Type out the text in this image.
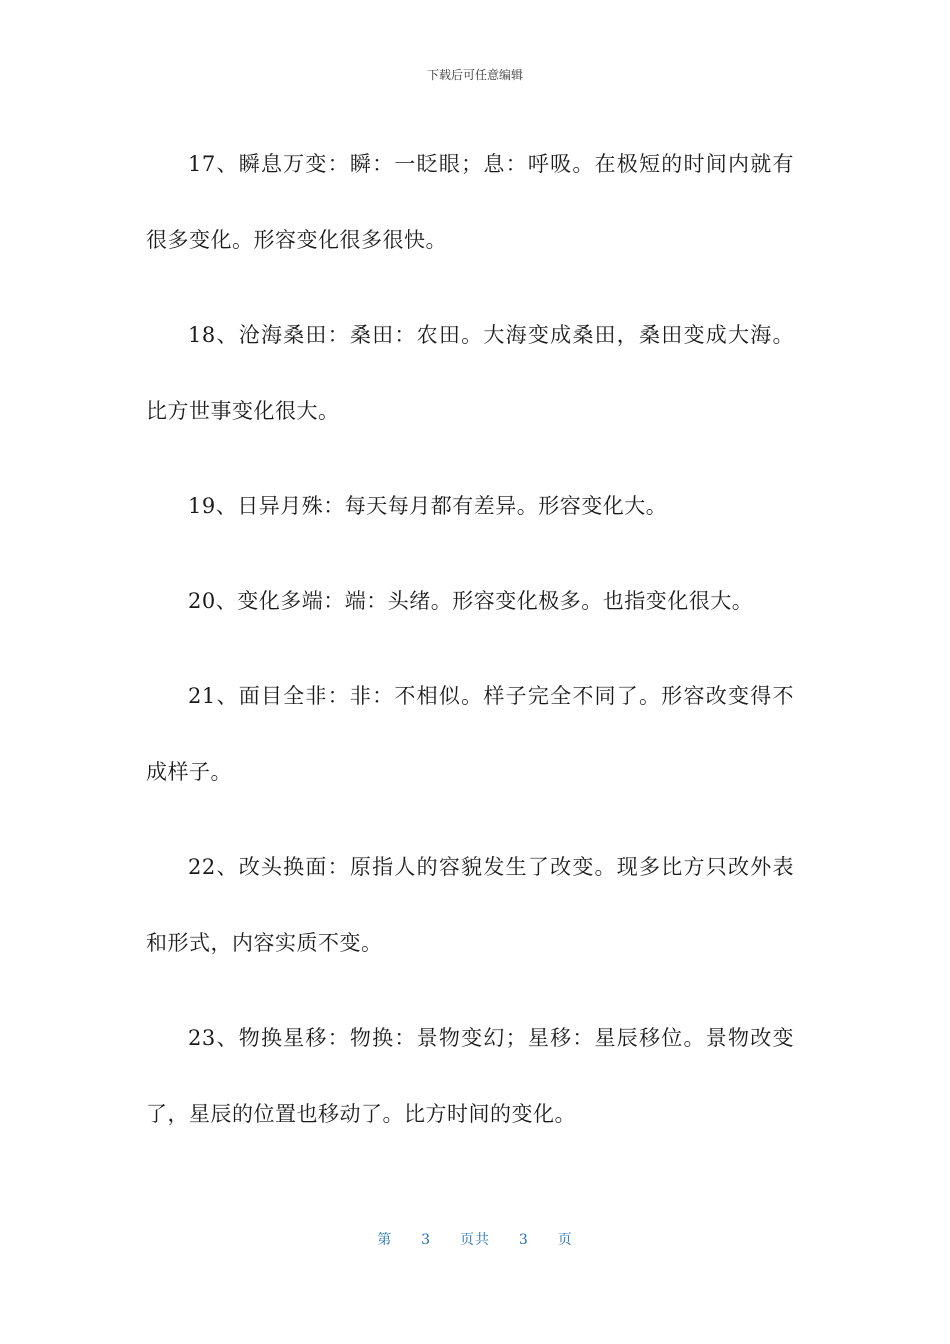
下载后可任意编辑

17、瞬息万变：瞬：一眨眼；息：呼吸。在极短的时间内就有很多变化。形容变化很多很快。

18、沧海桑田：桑田：农田。大海变成桑田，桑田变成大海。比方世事变化很大。

19、日异月殊：每天每月都有差异。形容变化大。

20、变化多端：端：头绪。形容变化极多。也指变化很大。

21、面目全非：非：不相似。样子完全不同了。形容改变得不成样子。

22、改头换面：原指人的容貌发生了改变。现多比方只改外表和形式，内容实质不变。

23、物换星移：物换：景物变幻；星移：星辰移位。景物改变了，星辰的位置也移动了。比方时间的变化。

第 3 页共 3 页
